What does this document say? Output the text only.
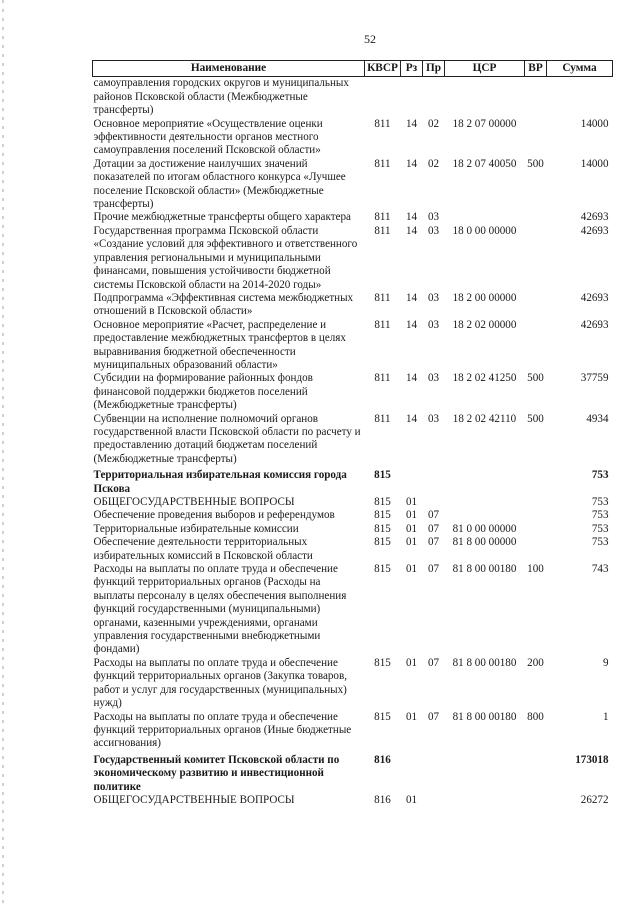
52
Наименование	КВСР	Рз	Пр	ЦСР	ВР	Сумма
самоуправления городских округов и муниципальных районов Псковской области (Межбюджетные трансферты)						
Основное мероприятие «Осуществление оценки эффективности деятельности органов местного самоуправления поселений Псковской области»	811	14	02	18 2 07 00000		14000
Дотации за достижение наилучших значений показателей по итогам областного конкурса «Лучшее поселение Псковской области» (Межбюджетные трансферты)	811	14	02	18 2 07 40050	500	14000
Прочие межбюджетные трансферты общего характера	811	14	03			42693
Государственная программа Псковской области «Создание условий для эффективного и ответственного управления региональными и муниципальными финансами, повышения устойчивости бюджетной системы Псковской области на 2014-2020 годы»	811	14	03	18 0 00 00000		42693
Подпрограмма «Эффективная система межбюджетных отношений в Псковской области»	811	14	03	18 2 00 00000		42693
Основное мероприятие «Расчет, распределение и предоставление межбюджетных трансфертов в целях выравнивания бюджетной обеспеченности муниципальных образований области»	811	14	03	18 2 02 00000		42693
Субсидии на формирование районных фондов финансовой поддержки бюджетов поселений (Межбюджетные трансферты)	811	14	03	18 2 02 41250	500	37759
Субвенции на исполнение полномочий органов государственной власти Псковской области по расчету и предоставлению дотаций бюджетам поселений (Межбюджетные трансферты)	811	14	03	18 2 02 42110	500	4934
Территориальная избирательная комиссия города Пскова	815					753
ОБЩЕГОСУДАРСТВЕННЫЕ ВОПРОСЫ	815	01				753
Обеспечение проведения выборов и референдумов	815	01	07			753
Территориальные избирательные комиссии	815	01	07	81 0 00 00000		753
Обеспечение деятельности территориальных избирательных комиссий в Псковской области	815	01	07	81 8 00 00000		753
Расходы на выплаты по оплате труда и обеспечение функций территориальных органов (Расходы на выплаты персоналу в целях обеспечения выполнения функций государственными (муниципальными) органами, казенными учреждениями, органами управления государственными внебюджетными фондами)	815	01	07	81 8 00 00180	100	743
Расходы на выплаты по оплате труда и обеспечение функций территориальных органов (Закупка товаров, работ и услуг для государственных (муниципальных) нужд)	815	01	07	81 8 00 00180	200	9
Расходы на выплаты по оплате труда и обеспечение функций территориальных органов (Иные бюджетные ассигнования)	815	01	07	81 8 00 00180	800	1
Государственный комитет Псковской области по экономическому развитию и инвестиционной политике	816					173018
ОБЩЕГОСУДАРСТВЕННЫЕ ВОПРОСЫ	816	01				26272
